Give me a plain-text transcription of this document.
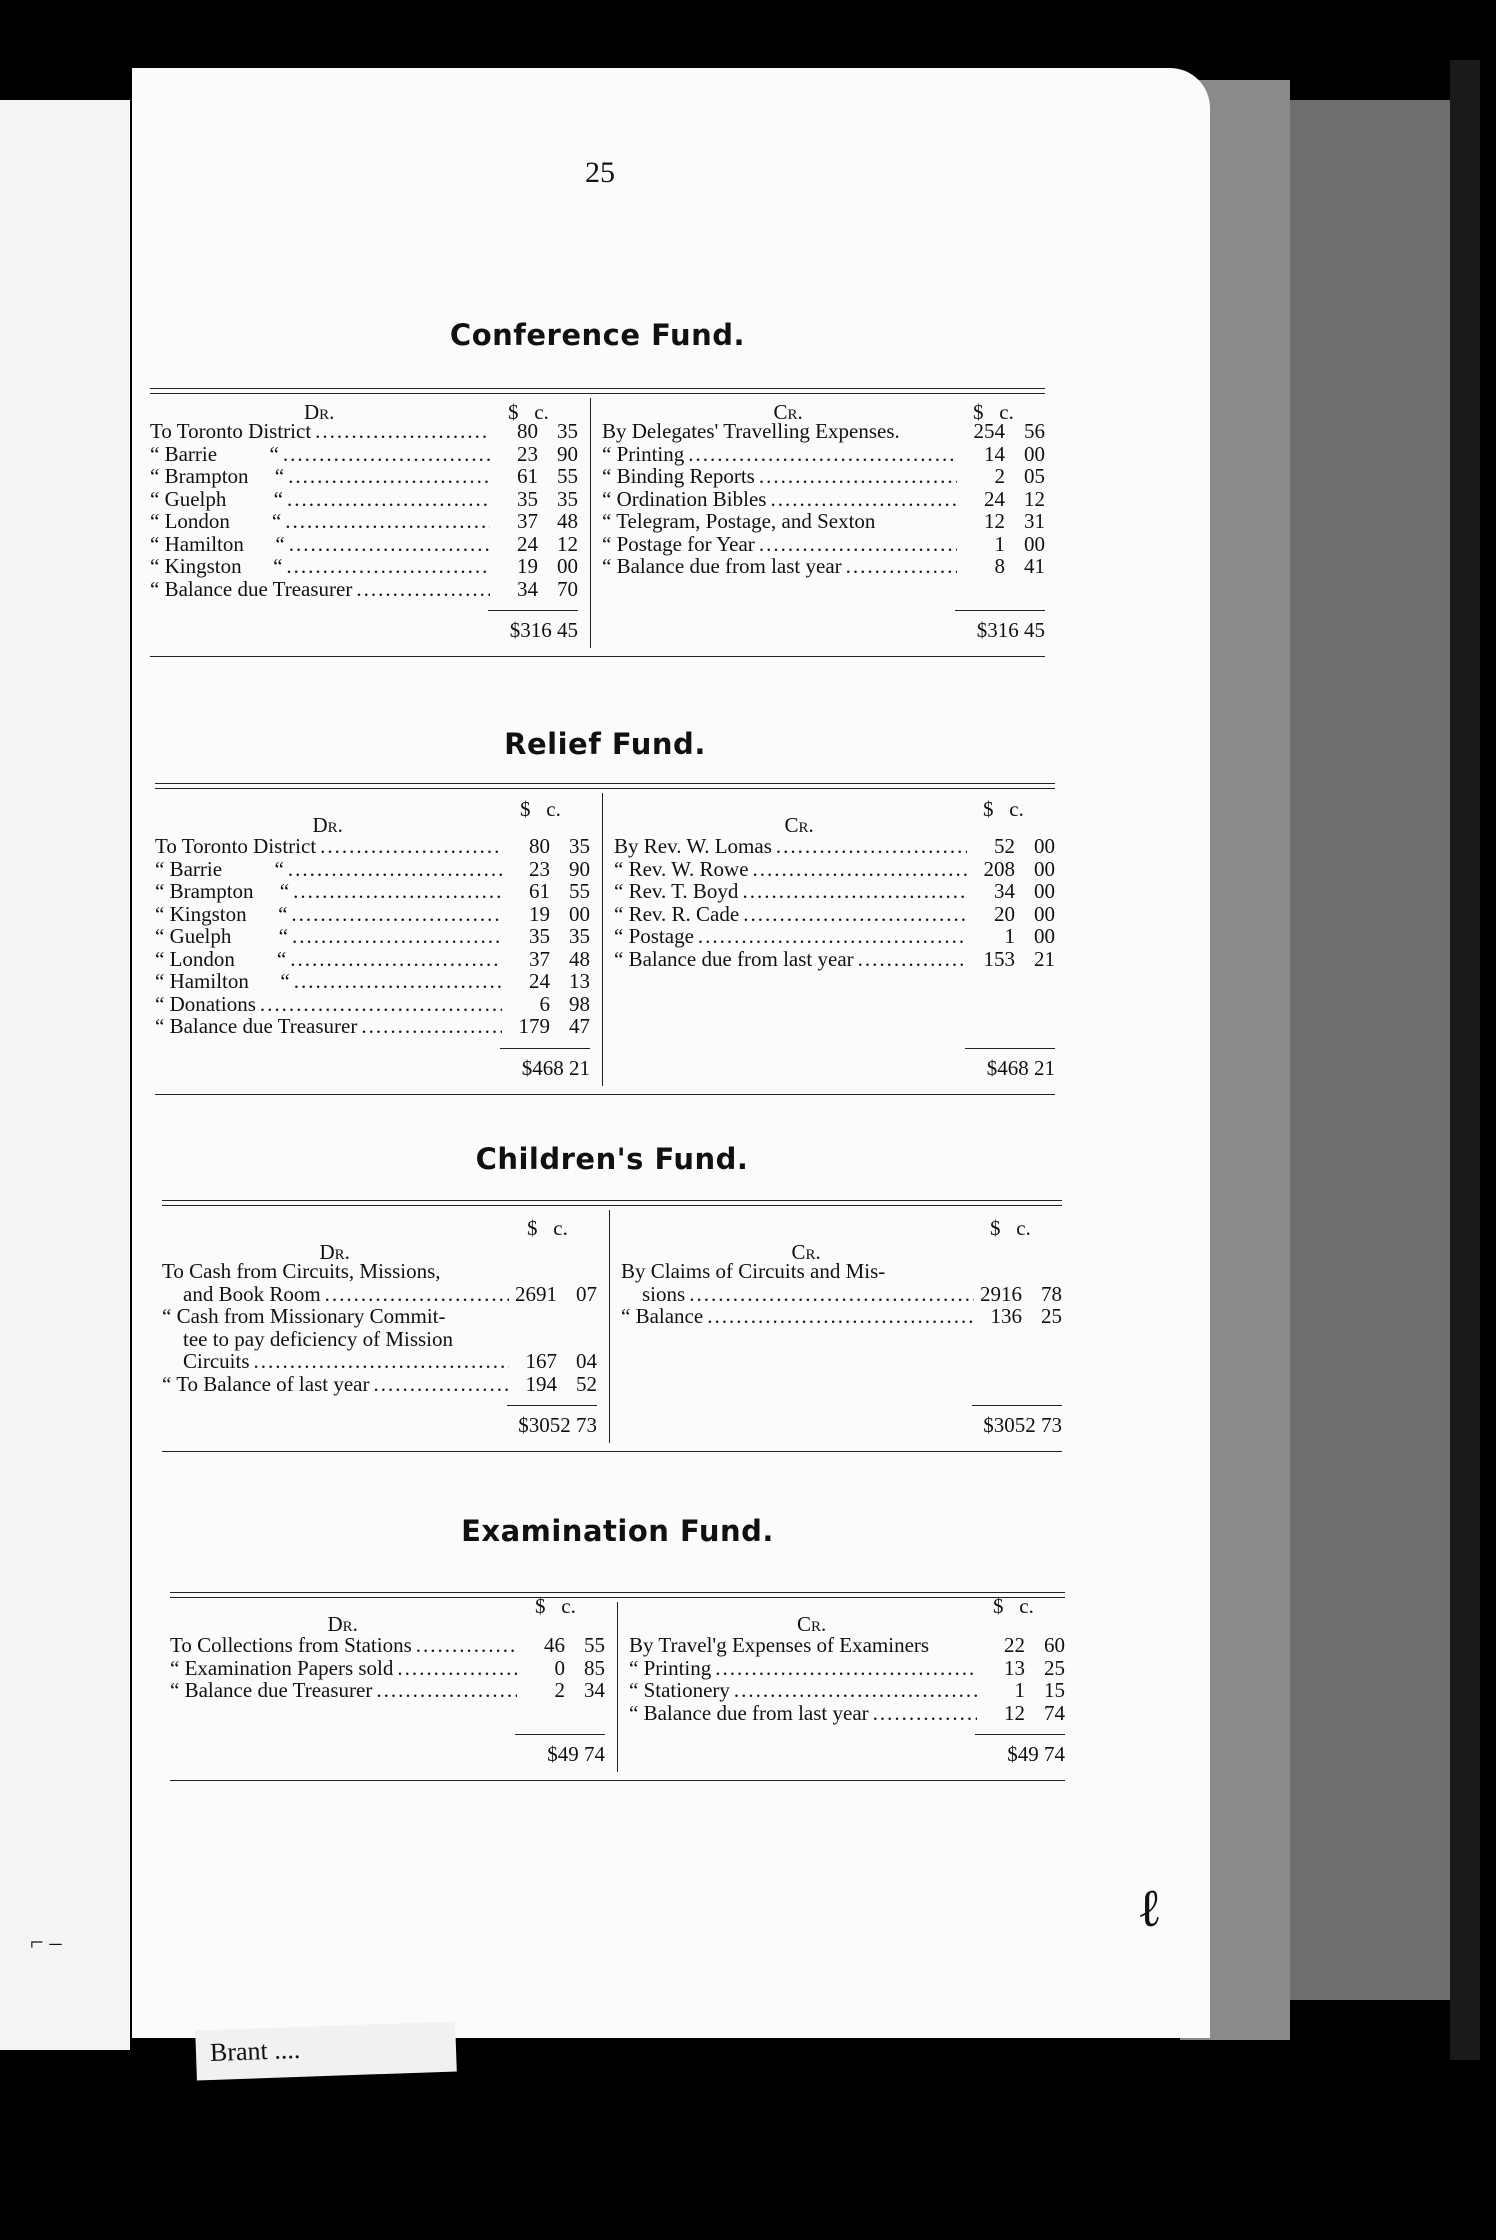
⌐ –
Brant ....
25
ℓ
Conference Fund.
Dr.	$   c.
To Toronto District .....	80 35
“ Barrie          “ .....	23 90
“ Brampton     “ .....	61 55
“ Guelph         “ .....	35 35
“ London        “ .....	37 48
“ Hamilton      “ .....	24 12
“ Kingston      “ .....	19 00
“ Balance due Treasurer .....	34 70
$316 45
Cr.	$   c.
By Delegates' Travelling Expenses.	254 56
“ Printing .....	14 00
“ Binding Reports .....	2 05
“ Ordination Bibles .....	24 12
“ Telegram, Postage, and Sexton	12 31
“ Postage for Year .....	1 00
“ Balance due from last year .....	8 41
$316 45
Relief Fund.
Dr.
$   c.
To Toronto District .....	80 35
“ Barrie          “ .....	23 90
“ Brampton     “ .....	61 55
“ Kingston      “ .....	19 00
“ Guelph         “ .....	35 35
“ London        “ .....	37 48
“ Hamilton      “ .....	24 13
“ Donations .....	6 98
“ Balance due Treasurer .....	179 47
$468 21
Cr.
$   c.
By Rev. W. Lomas .....	52 00
“ Rev. W. Rowe .....	208 00
“ Rev. T. Boyd .....	34 00
“ Rev. R. Cade .....	20 00
“ Postage .....	1 00
“ Balance due from last year .....	153 21
$468 21
Children's Fund.
Dr.
$   c.
To Cash from Circuits, Missions,
and Book Room .....	2691 07
“ Cash from Missionary Commit-
tee to pay deficiency of Mission
Circuits .....	167 04
“ To Balance of last year .....	194 52
$3052 73
Cr.
$   c.
By Claims of Circuits and Mis-
sions .....	2916 78
“ Balance .....	136 25
$3052 73
Examination Fund.
Dr.
$   c.
To Collections from Stations .....	46 55
“ Examination Papers sold .....	0 85
“ Balance due Treasurer .....	2 34
$49 74
Cr.
$   c.
By Travel'g Expenses of Examiners	22 60
“ Printing .....	13 25
“ Stationery .....	1 15
“ Balance due from last year .....	12 74
$49 74
